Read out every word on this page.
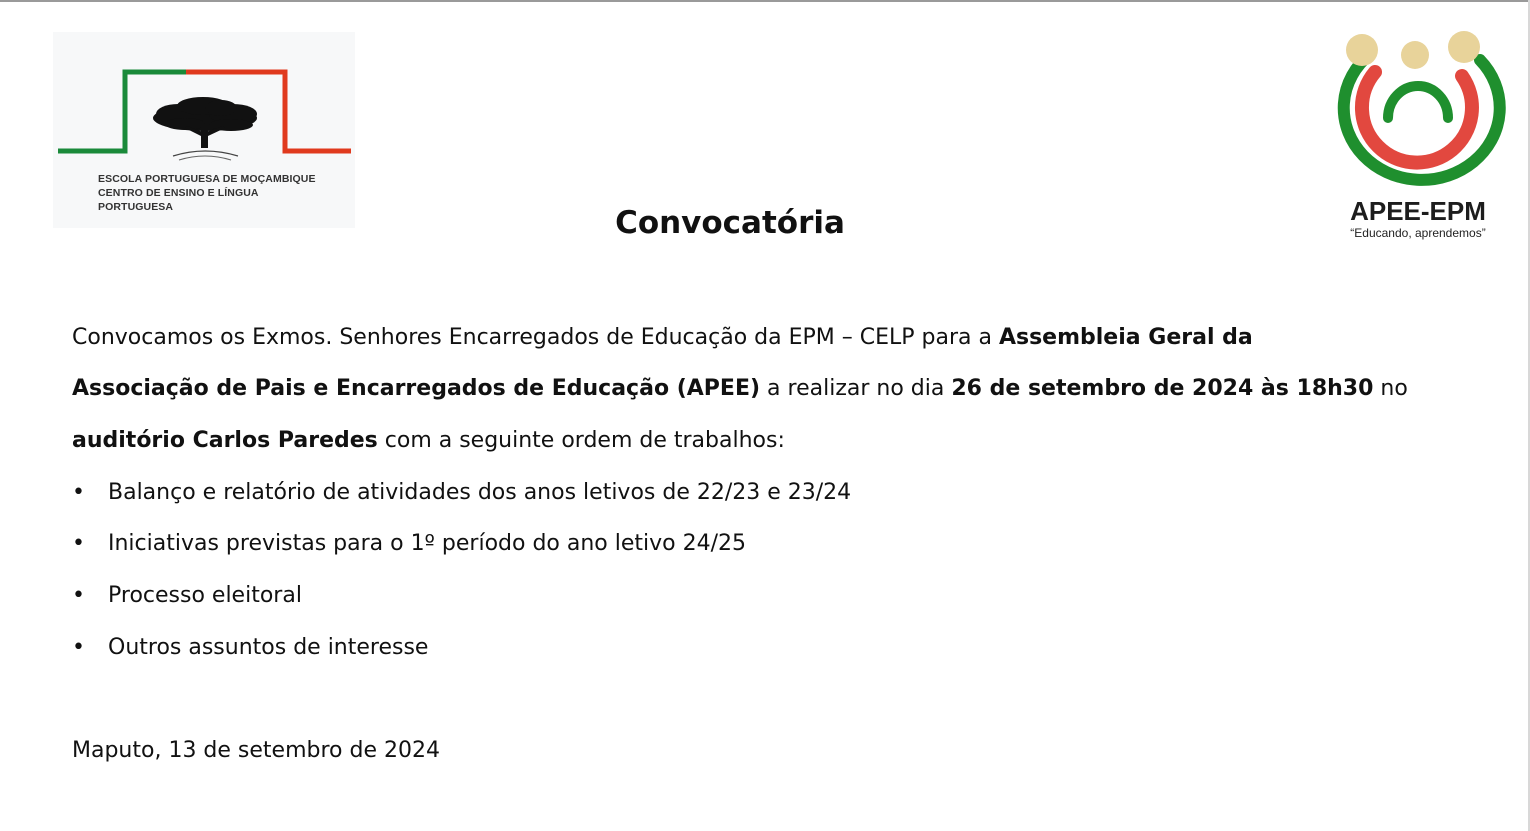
ESCOLA PORTUGUESA DE MOÇAMBIQUE
CENTRO DE ENSINO E LÍNGUA PORTUGUESA	APEE-EPM
“Educando, aprendemos”
Convocatória
Convocamos os Exmos. Senhores Encarregados de Educação da EPM – CELP para a Assembleia Geral da
Associação de Pais e Encarregados de Educação (APEE) a realizar no dia 26 de setembro de 2024 às 18h30 no
auditório Carlos Paredes com a seguinte ordem de trabalhos:
• Balanço e relatório de atividades dos anos letivos de 22/23 e 23/24
• Iniciativas previstas para o 1º período do ano letivo 24/25
• Processo eleitoral
• Outros assuntos de interesse
Maputo, 13 de setembro de 2024
